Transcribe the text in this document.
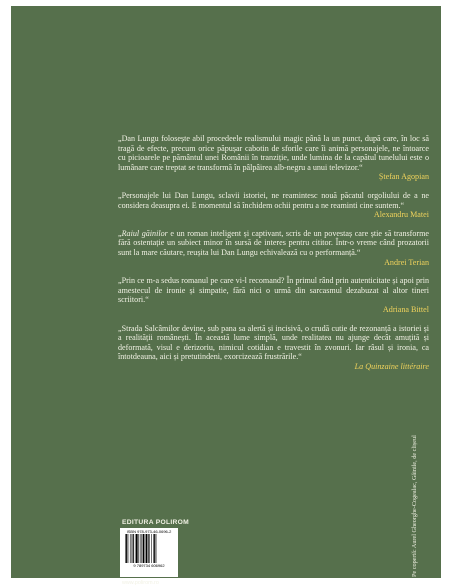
„Dan Lungu folosește abil procedeele realismului magic până la un punct, după care, în loc să tragă de efecte, precum orice păpușar cabotin de sforile care îi animă personajele, ne întoarce cu picioarele pe pământul unei Românii în tranziție, unde lumina de la capătul tunelului este o lumânare care treptat se transformă în pâlpâirea alb-negru a unui televizor.“

Ștefan Agopian

„Personajele lui Dan Lungu, sclavii istoriei, ne reamintesc nouă păcatul orgoliului de a ne considera deasupra ei. E momentul să închidem ochii pentru a ne reaminti cine suntem.“

Alexandru Matei

„Raiul găinilor e un roman inteligent și captivant, scris de un povestaș care știe să transforme fără ostentație un subiect minor în sursă de interes pentru cititor. Într-o vreme când prozatorii sunt la mare căutare, reușita lui Dan Lungu echivalează cu o performanță.“

Andrei Terian

„Prin ce m-a sedus romanul pe care vi-l recomand? În primul rând prin autenticitate și apoi prin amestecul de ironie și simpatie, fără nici o urmă din sarcasmul dezabuzat al altor tineri scriitori.“

Adriana Bittel

„Strada Salcâmilor devine, sub pana sa alertă și incisivă, o crudă cutie de rezonanță a istoriei și a realității românești. În această lume simplă, unde realitatea nu ajunge decât amuțită și deformată, visul e derizoriu, nimicul cotidian e travestit în zvonuri. Iar râsul și ironia, ca întotdeauna, aici și pretutindeni, exorcizează frustrările.“

La Quinzaine littéraire
EDITURA POLIROM
ISBN 978-973-46-0696-2
9 789734 606962
www.polirom.ro
Pe copertă: Aurel Gheorghe-Cogealac, Găinile, de clișeul
